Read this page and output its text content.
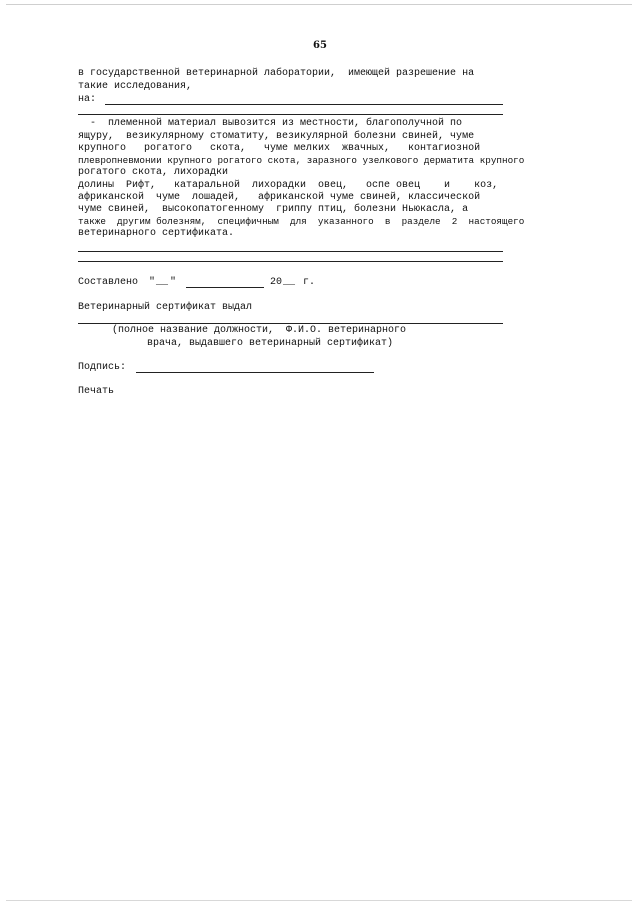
65
в государственной ветеринарной лаборатории,  имеющей разрешение на
такие исследования,
на:
-  племенной материал вывозится из местности, благополучной по
ящуру,  везикулярному стоматиту, везикулярной болезни свиней, чуме
крупного   рогатого   скота,   чуме мелких  жвачных,   контагиозной
плевропневмонии крупного рогатого скота, заразного узелкового дерматита крупного
рогатого скота, лихорадки
долины  Рифт,   катаральной  лихорадки  овец,   оспе овец    и    коз,
африканской  чуме  лошадей,   африканской чуме свиней, классической
чуме свиней,  высокопатогенному  гриппу птиц, болезни Ньюкасла, а
также  другим болезням,  специфичным  для  указанного  в  разделе  2  настоящего
ветеринарного сертификата.
Составлено " __ "	20 __ г.
Ветеринарный сертификат выдал
(полное название должности,  Ф.И.О. ветеринарного
врача, выдавшего ветеринарный сертификат)
Подпись:
Печать
